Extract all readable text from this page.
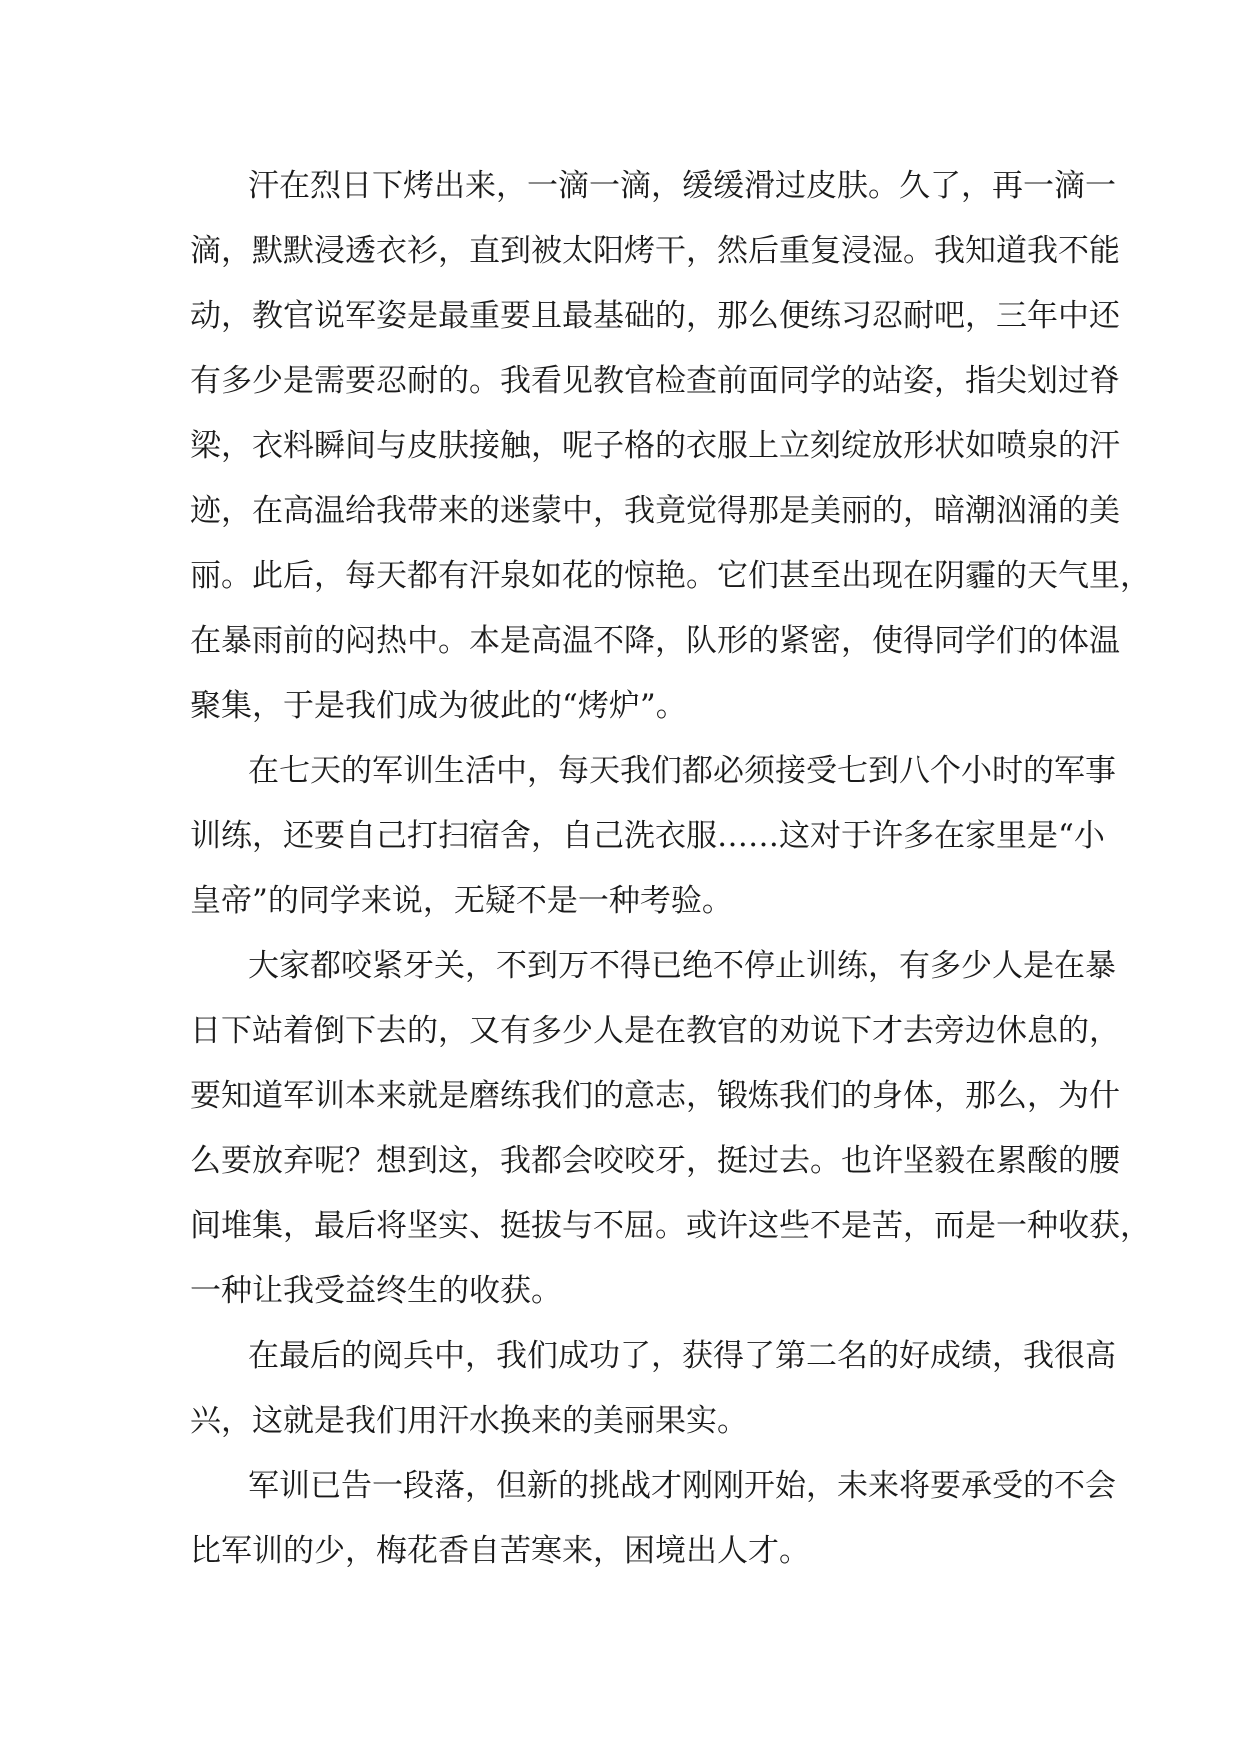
汗在烈日下烤出来，一滴一滴，缓缓滑过皮肤。久了，再一滴一

滴，默默浸透衣衫，直到被太阳烤干，然后重复浸湿。我知道我不能

动，教官说军姿是最重要且最基础的，那么便练习忍耐吧，三年中还

有多少是需要忍耐的。我看见教官检查前面同学的站姿，指尖划过脊

梁，衣料瞬间与皮肤接触，呢子格的衣服上立刻绽放形状如喷泉的汗

迹，在高温给我带来的迷蒙中，我竟觉得那是美丽的，暗潮汹涌的美

丽。此后，每天都有汗泉如花的惊艳。它们甚至出现在阴霾的天气里，

在暴雨前的闷热中。本是高温不降，队形的紧密，使得同学们的体温

聚集，于是我们成为彼此的“烤炉”。

在七天的军训生活中，每天我们都必须接受七到八个小时的军事

训练，还要自己打扫宿舍，自己洗衣服……这对于许多在家里是“小

皇帝”的同学来说，无疑不是一种考验。

大家都咬紧牙关，不到万不得已绝不停止训练，有多少人是在暴

日下站着倒下去的，又有多少人是在教官的劝说下才去旁边休息的，

要知道军训本来就是磨练我们的意志，锻炼我们的身体，那么，为什

么要放弃呢？想到这，我都会咬咬牙，挺过去。也许坚毅在累酸的腰

间堆集，最后将坚实、挺拔与不屈。或许这些不是苦，而是一种收获，

一种让我受益终生的收获。

在最后的阅兵中，我们成功了，获得了第二名的好成绩，我很高

兴，这就是我们用汗水换来的美丽果实。

军训已告一段落，但新的挑战才刚刚开始，未来将要承受的不会

比军训的少，梅花香自苦寒来，困境出人才。
